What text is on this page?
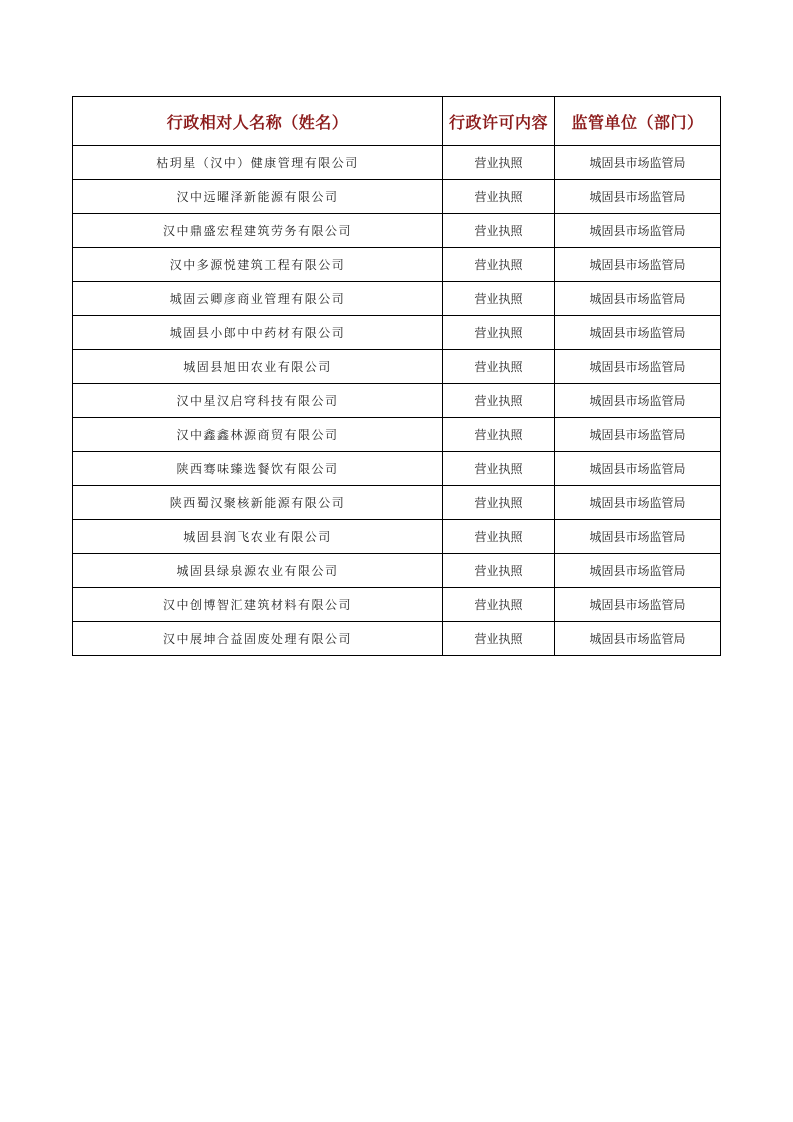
行政相对人名称（姓名）	行政许可内容	监管单位（部门）
枯玥星（汉中）健康管理有限公司	营业执照	城固县市场监管局
汉中远曜泽新能源有限公司	营业执照	城固县市场监管局
汉中鼎盛宏程建筑劳务有限公司	营业执照	城固县市场监管局
汉中多源悦建筑工程有限公司	营业执照	城固县市场监管局
城固云卿彦商业管理有限公司	营业执照	城固县市场监管局
城固县小郎中中药材有限公司	营业执照	城固县市场监管局
城固县旭田农业有限公司	营业执照	城固县市场监管局
汉中星汉启穹科技有限公司	营业执照	城固县市场监管局
汉中鑫鑫林源商贸有限公司	营业执照	城固县市场监管局
陕西骞味臻选餐饮有限公司	营业执照	城固县市场监管局
陕西蜀汉聚核新能源有限公司	营业执照	城固县市场监管局
城固县润飞农业有限公司	营业执照	城固县市场监管局
城固县绿泉源农业有限公司	营业执照	城固县市场监管局
汉中创博智汇建筑材料有限公司	营业执照	城固县市场监管局
汉中展坤合益固废处理有限公司	营业执照	城固县市场监管局
